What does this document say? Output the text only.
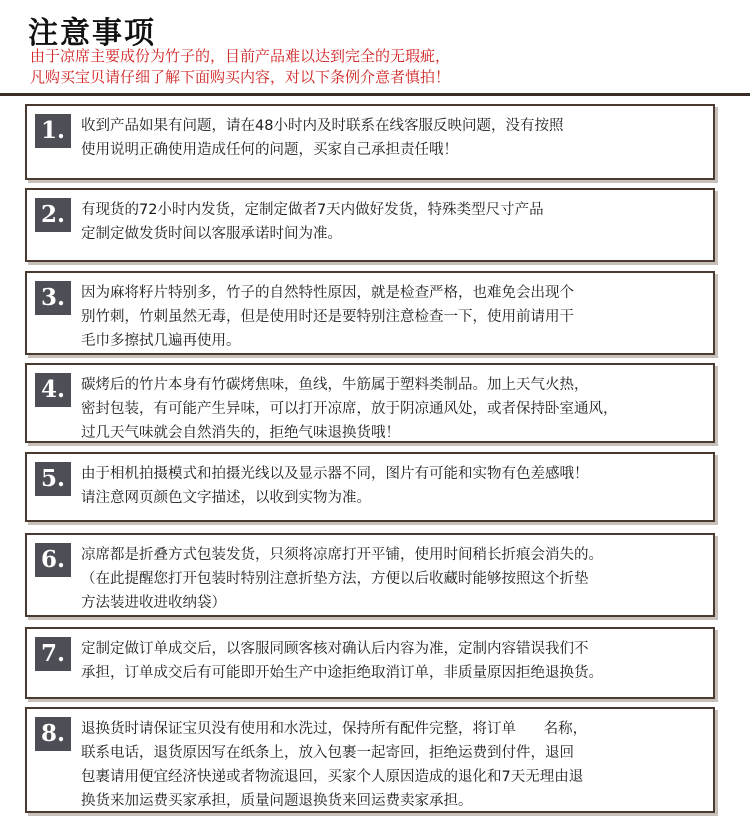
注意事项
由于凉席主要成份为竹子的，目前产品难以达到完全的无瑕疵，
凡购买宝贝请仔细了解下面购买内容，对以下条例介意者慎拍！
1.	收到产品如果有问题，请在48小时内及时联系在线客服反映问题，没有按照
使用说明正确使用造成任何的问题，买家自己承担责任哦！
2.	有现货的72小时内发货，定制定做者7天内做好发货，特殊类型尺寸产品
定制定做发货时间以客服承诺时间为准。
3.	因为麻将籽片特别多，竹子的自然特性原因，就是检查严格，也难免会出现个
别竹刺，竹刺虽然无毒，但是使用时还是要特别注意检查一下，使用前请用干
毛巾多擦拭几遍再使用。
4.	碳烤后的竹片本身有竹碳烤焦味，鱼线，牛筋属于塑料类制品。加上天气火热，
密封包装，有可能产生异味，可以打开凉席，放于阴凉通风处，或者保持卧室通风，
过几天气味就会自然消失的，拒绝气味退换货哦！
5.	由于相机拍摄模式和拍摄光线以及显示器不同，图片有可能和实物有色差感哦！
请注意网页颜色文字描述，以收到实物为准。
6.	凉席都是折叠方式包装发货，只须将凉席打开平铺，使用时间稍长折痕会消失的。
（在此提醒您打开包装时特别注意折垫方法，方便以后收藏时能够按照这个折垫
方法装进收进收纳袋）
7.	定制定做订单成交后，以客服同顾客核对确认后内容为准，定制内容错误我们不
承担，订单成交后有可能即开始生产中途拒绝取消订单，非质量原因拒绝退换货。
8.	退换货时请保证宝贝没有使用和水洗过，保持所有配件完整，将订单      名称，
联系电话，退货原因写在纸条上，放入包裹一起寄回，拒绝运费到付件，退回
包裹请用便宜经济快递或者物流退回，买家个人原因造成的退化和7天无理由退
换货来加运费买家承担，质量问题退换货来回运费卖家承担。
